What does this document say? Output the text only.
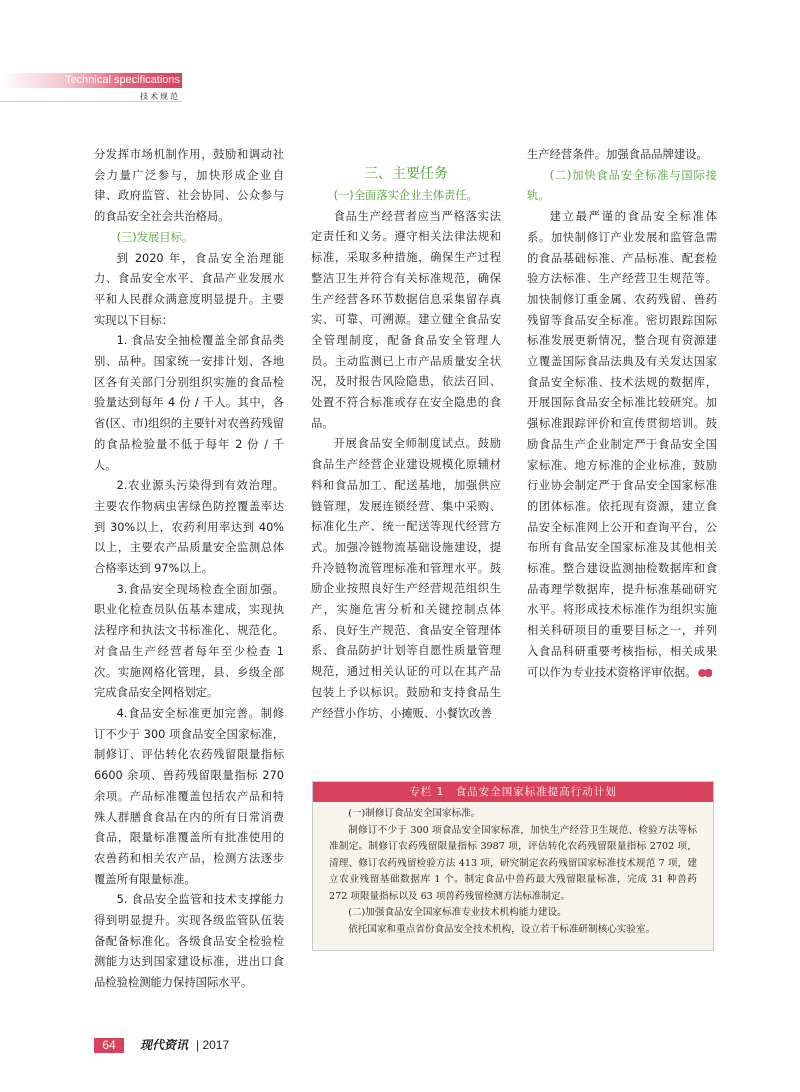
Technical specifications
技术规范

分发挥市场机制作用，鼓励和调动社会力量广泛参与，加快形成企业自律、政府监管、社会协同、公众参与的食品安全社会共治格局。

(三)发展目标。

到 2020 年，食品安全治理能力、食品安全水平、食品产业发展水平和人民群众满意度明显提升。主要实现以下目标：

1. 食品安全抽检覆盖全部食品类别、品种。国家统一安排计划、各地区各有关部门分别组织实施的食品检验量达到每年 4 份 / 千人。其中，各省(区、市)组织的主要针对农兽药残留的食品检验量不低于每年 2 份 / 千人。

2.农业源头污染得到有效治理。主要农作物病虫害绿色防控覆盖率达到 30%以上，农药利用率达到 40%以上，主要农产品质量安全监测总体合格率达到 97%以上。

3.食品安全现场检查全面加强。职业化检查员队伍基本建成，实现执法程序和执法文书标准化、规范化。对食品生产经营者每年至少检查 1 次。实施网格化管理，县、乡级全部完成食品安全网格划定。

4.食品安全标准更加完善。制修订不少于 300 项食品安全国家标准，制修订、评估转化农药残留限量指标 6600 余项、兽药残留限量指标 270 余项。产品标准覆盖包括农产品和特殊人群膳食食品在内的所有日常消费食品，限量标准覆盖所有批准使用的农兽药和相关农产品，检测方法逐步覆盖所有限量标准。

5. 食品安全监管和技术支撑能力得到明显提升。实现各级监管队伍装备配备标准化。各级食品安全检验检测能力达到国家建设标准，进出口食品检验检测能力保持国际水平。

三、主要任务

(一)全面落实企业主体责任。

食品生产经营者应当严格落实法定责任和义务。遵守相关法律法规和标准，采取多种措施，确保生产过程整洁卫生并符合有关标准规范，确保生产经营各环节数据信息采集留存真实、可靠、可溯源。建立健全食品安全管理制度，配备食品安全管理人员。主动监测已上市产品质量安全状况，及时报告风险隐患，依法召回、处置不符合标准或存在安全隐患的食品。

开展食品安全师制度试点。鼓励食品生产经营企业建设规模化原辅材料和食品加工、配送基地，加强供应链管理，发展连锁经营、集中采购、标准化生产、统一配送等现代经营方式。加强冷链物流基础设施建设，提升冷链物流管理标准和管理水平。鼓励企业按照良好生产经营规范组织生产，实施危害分析和关键控制点体系、良好生产规范、食品安全管理体系、食品防护计划等自愿性质量管理规范，通过相关认证的可以在其产品包装上予以标识。鼓励和支持食品生产经营小作坊、小摊贩、小餐饮改善

生产经营条件。加强食品品牌建设。

(二)加快食品安全标准与国际接轨。

建立最严谨的食品安全标准体系。加快制修订产业发展和监管急需的食品基础标准、产品标准、配套检验方法标准、生产经营卫生规范等。加快制修订重金属、农药残留、兽药残留等食品安全标准。密切跟踪国际标准发展更新情况，整合现有资源建立覆盖国际食品法典及有关发达国家食品安全标准、技术法规的数据库，开展国际食品安全标准比较研究。加强标准跟踪评价和宣传贯彻培训。鼓励食品生产企业制定严于食品安全国家标准、地方标准的企业标准，鼓励行业协会制定严于食品安全国家标准的团体标准。依托现有资源，建立食品安全标准网上公开和查询平台，公布所有食品安全国家标准及其他相关标准。整合建设监测抽检数据库和食品毒理学数据库，提升标准基础研究水平。将形成技术标准作为组织实施相关科研项目的重要目标之一，并列入食品科研重要考核指标，相关成果可以作为专业技术资格评审依据。

专栏 1　食品安全国家标准提高行动计划

(一)制修订食品安全国家标准。

制修订不少于 300 项食品安全国家标准，加快生产经营卫生规范、检验方法等标准制定。制修订农药残留限量指标 3987 项，评估转化农药残留限量指标 2702 项，清理、修订农药残留检验方法 413 项，研究制定农药残留国家标准技术规范 7 项，建立农业残留基础数据库 1 个。制定食品中兽药最大残留限量标准，完成 31 种兽药 272 项限量指标以及 63 项兽药残留检测方法标准制定。

(二)加强食品安全国家标准专业技术机构能力建设。

依托国家和重点省份食品安全技术机构，设立若干标准研制核心实验室。

64	现代资讯 | 2017
